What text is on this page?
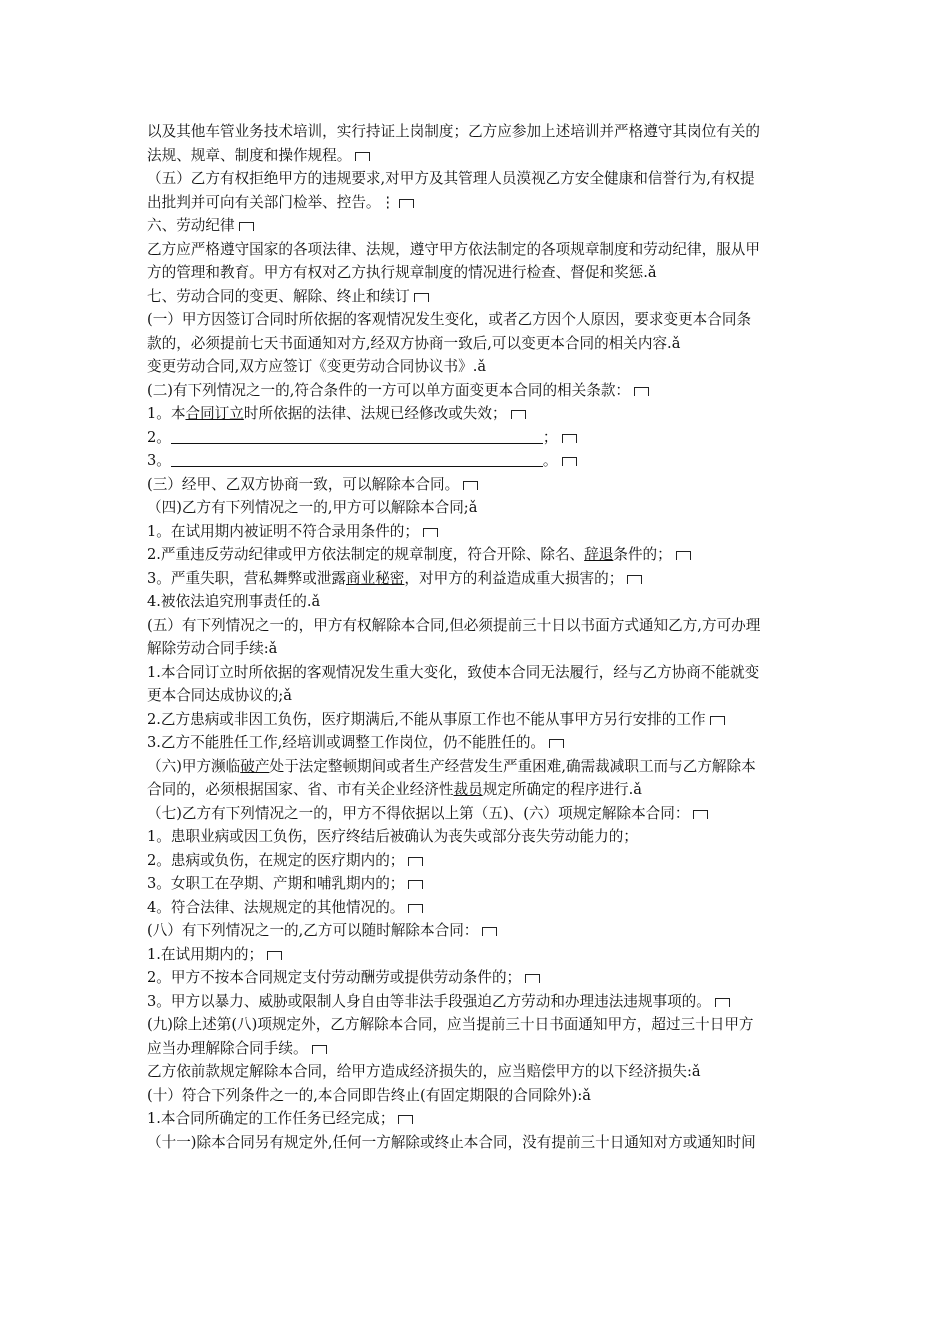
以及其他车管业务技术培训，实行持证上岗制度；乙方应参加上述培训并严格遵守其岗位有关的
法规、规章、制度和操作规程。
（五）乙方有权拒绝甲方的违规要求,对甲方及其管理人员漠视乙方安全健康和信誉行为,有权提
出批判并可向有关部门检举、控告。⋮
六、劳动纪律
乙方应严格遵守国家的各项法律、法规，遵守甲方依法制定的各项规章制度和劳动纪律，服从甲
方的管理和教育。甲方有权对乙方执行规章制度的情况进行检查、督促和奖惩.ǎ
七、劳动合同的变更、解除、终止和续订
(一）甲方因签订合同时所依据的客观情况发生变化，或者乙方因个人原因，要求变更本合同条
款的，必须提前七天书面通知对方,经双方协商一致后,可以变更本合同的相关内容.ǎ
变更劳动合同,双方应签订《变更劳动合同协议书》.ǎ
(二)有下列情况之一的,符合条件的一方可以单方面变更本合同的相关条款：
1。本合同订立时所依据的法律、法规已经修改或失效；
2。	；
3。	。
(三）经甲、乙双方协商一致，可以解除本合同。
（四)乙方有下列情况之一的,甲方可以解除本合同;ǎ
1。在试用期内被证明不符合录用条件的；
2.严重违反劳动纪律或甲方依法制定的规章制度，符合开除、除名、辞退条件的；
3。严重失职，营私舞弊或泄露商业秘密，对甲方的利益造成重大损害的；
4.被依法追究刑事责任的.ǎ
(五）有下列情况之一的，甲方有权解除本合同,但必须提前三十日以书面方式通知乙方,方可办理
解除劳动合同手续:ǎ
1.本合同订立时所依据的客观情况发生重大变化，致使本合同无法履行，经与乙方协商不能就变
更本合同达成协议的;ǎ
2.乙方患病或非因工负伤，医疗期满后,不能从事原工作也不能从事甲方另行安排的工作
3.乙方不能胜任工作,经培训或调整工作岗位，仍不能胜任的。
（六)甲方濒临破产处于法定整顿期间或者生产经营发生严重困难,确需裁减职工而与乙方解除本
合同的，必须根据国家、省、市有关企业经济性裁员规定所确定的程序进行.ǎ
（七)乙方有下列情况之一的，甲方不得依据以上第（五)、(六）项规定解除本合同：
1。患职业病或因工负伤，医疗终结后被确认为丧失或部分丧失劳动能力的；
2。患病或负伤，在规定的医疗期内的；
3。女职工在孕期、产期和哺乳期内的；
4。符合法律、法规规定的其他情况的。
(八）有下列情况之一的,乙方可以随时解除本合同：
1.在试用期内的；
2。甲方不按本合同规定支付劳动酬劳或提供劳动条件的；
3。甲方以暴力、威胁或限制人身自由等非法手段强迫乙方劳动和办理违法违规事项的。
(九)除上述第(八)项规定外，乙方解除本合同，应当提前三十日书面通知甲方，超过三十日甲方
应当办理解除合同手续。
乙方依前款规定解除本合同，给甲方造成经济损失的，应当赔偿甲方的以下经济损失:ǎ
(十）符合下列条件之一的,本合同即告终止(有固定期限的合同除外):ǎ
1.本合同所确定的工作任务已经完成；
（十一)除本合同另有规定外,任何一方解除或终止本合同，没有提前三十日通知对方或通知时间
